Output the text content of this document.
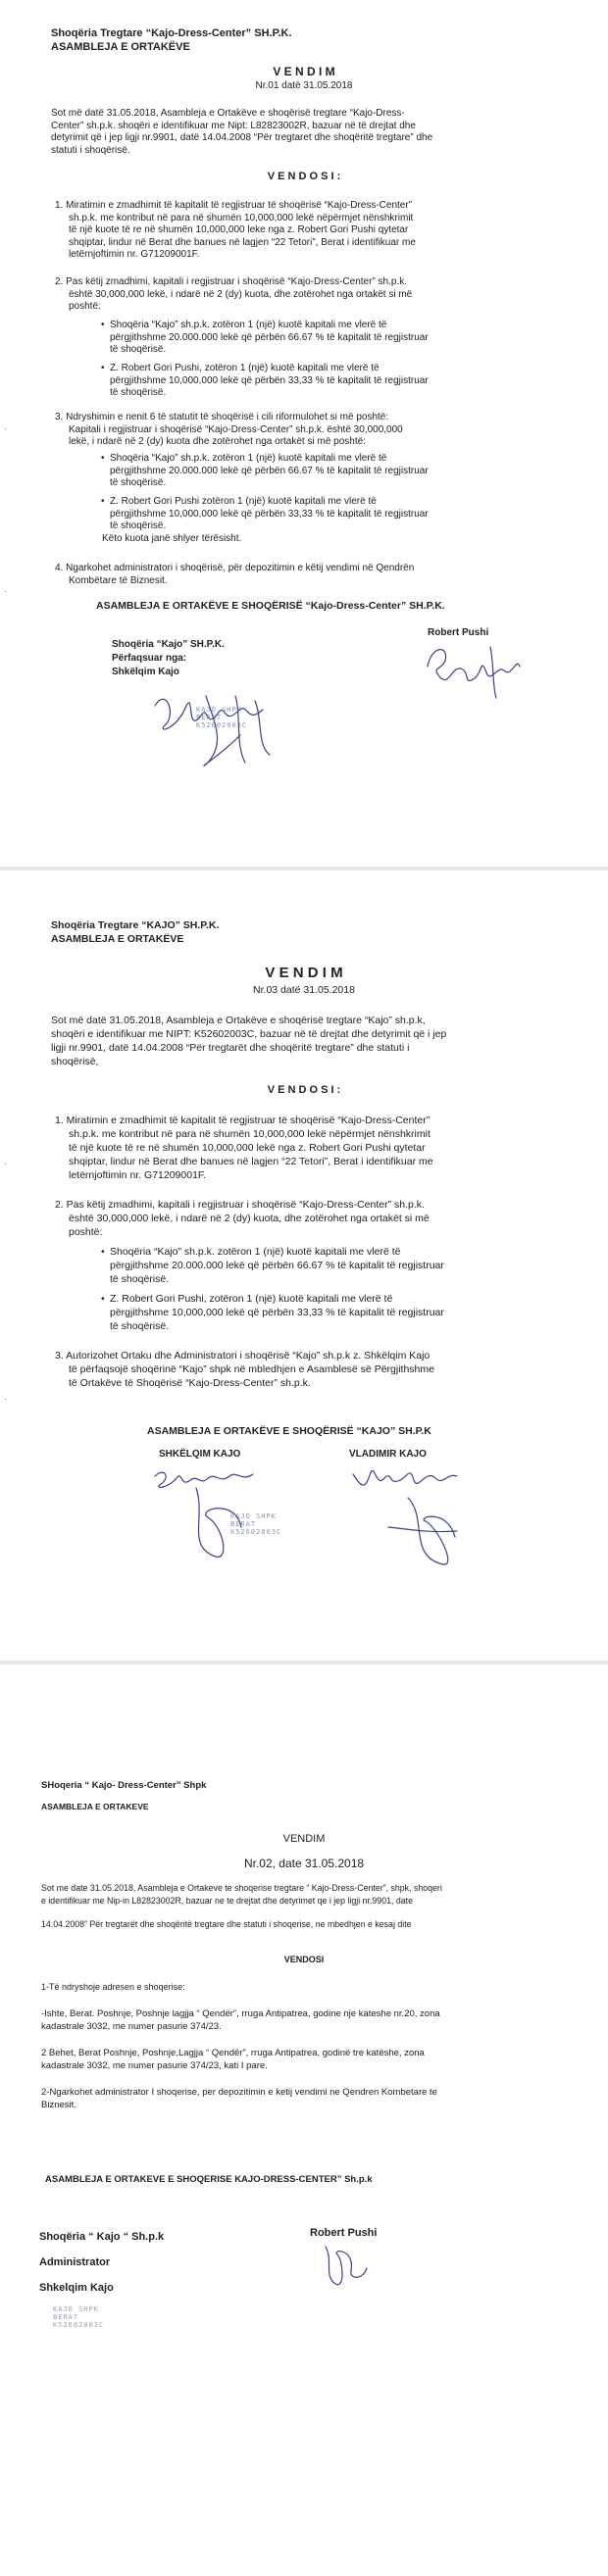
Shoqëria Tregtare “Kajo-Dress-Center” SH.P.K.
ASAMBLEJA E ORTAKËVE
V E N D I M
Nr.01 datë 31.05.2018
Sot më datë 31.05.2018, Asambleja e Ortakëve e shoqërisë tregtare “Kajo-Dress-
Center” sh.p.k. shoqëri e identifikuar me Nipt: L82823002R, bazuar në të drejtat dhe
detyrimit që i jep ligji nr.9901, datë 14.04.2008 “Për tregtaret dhe shoqëritë tregtare” dhe
statuti i shoqërisë.
V E N D O S I :
1. Miratimin e zmadhimit të kapitalit të regjistruar të shoqërisë “Kajo-Dress-Center”
sh.p.k. me kontribut në para në shumën 10,000,000 lekë nëpërmjet nënshkrimit
të një kuote të re në shumën 10,000,000 leke nga z. Robert Gori Pushi qytetar
shqiptar, lindur në Berat dhe banues në lagjen “22 Tetori”, Berat i identifikuar me
letërnjoftimin nr. G71209001F.
2. Pas këtij zmadhimi, kapitali i regjistruar i shoqërisë “Kajo-Dress-Center” sh.p.k.
është 30,000,000 lekë, i ndarë në 2 (dy) kuota, dhe zotërohet nga ortakët si më
poshtë:
• Shoqëria “Kajo” sh.p.k. zotëron 1 (një) kuotë kapitali me vlerë të
përgjithshme 20.000.000 lekë që përbën 66.67 % të kapitalit të regjistruar
të shoqërisë.
• Z. Robert Gori Pushi, zotëron 1 (një) kuotë kapitali me vlerë të
përgjithshme 10,000,000 lekë që përbën 33,33 % të kapitalit të regjistruar
të shoqërisë.
3. Ndryshimin e nenit 6 të statutit të shoqërisë i cili riformulohet si më poshtë:
Kapitali i regjistruar i shoqërisë “Kajo-Dress-Center” sh.p.k. është 30,000,000
lekë, i ndarë në 2 (dy) kuota dhe zotërohet nga ortakët si më poshtë:
• Shoqëria “Kajo” sh.p.k. zotëron 1 (një) kuotë kapitali me vlerë të
përgjithshme 20.000.000 lekë që përbën 66.67 % të kapitalit të regjistruar
të shoqërisë.
• Z. Robert Gori Pushi zotëron 1 (një) kuotë kapitali me vlerë të
përgjithshme 10,000,000 lekë që përbën 33,33 % të kapitalit të regjistruar
të shoqërisë.
Këto kuota janë shlyer tërësisht.
4. Ngarkohet administratori i shoqërisë, për depozitimin e këtij vendimi në Qendrën
Kombëtare të Biznesit.
ASAMBLEJA E ORTAKËVE E SHOQËRISË “Kajo-Dress-Center” SH.P.K.
Shoqëria “Kajo” SH.P.K.
Përfaqsuar nga:
Shkëlqim Kajo
Robert Pushi
KAJO SHPK BERAT K52602003C
Shoqëria Tregtare “KAJO” SH.P.K.
ASAMBLEJA E ORTAKËVE
V E N D I M
Nr.03 datë 31.05.2018
Sot më datë 31.05.2018, Asambleja e Ortakëve e shoqërisë tregtare “Kajo” sh.p.k,
shoqëri e identifikuar me NIPT: K52602003C, bazuar në të drejtat dhe detyrimit që i jep
ligji nr.9901, datë 14.04.2008 “Për tregtarët dhe shoqëritë tregtare” dhe statuti i
shoqërisë,
V E N D O S I :
1. Miratimin e zmadhimit të kapitalit të regjistruar të shoqërisë “Kajo-Dress-Center”
sh.p.k. me kontribut në para në shumën 10,000,000 lekë nëpërmjet nënshkrimit
të një kuote të re në shumën 10,000,000 lekë nga z. Robert Gori Pushi qytetar
shqiptar, lindur në Berat dhe banues në lagjen “22 Tetori”, Berat i identifikuar me
letërnjoftimin nr. G71209001F.
2. Pas këtij zmadhimi, kapitali i regjistruar i shoqërisë “Kajo-Dress-Center” sh.p.k.
është 30,000,000 lekë, i ndarë në 2 (dy) kuota, dhe zotërohet nga ortakët si më
poshtë:
• Shoqëria “Kajo” sh.p.k. zotëron 1 (një) kuotë kapitali me vlerë të
përgjithshme 20.000.000 lekë që përbën 66.67 % të kapitalit të regjistruar
të shoqërisë.
• Z. Robert Gori Pushi, zotëron 1 (një) kuotë kapitali me vlerë të
përgjithshme 10,000,000 lekë që përbën 33,33 % të kapitalit të regjistruar
të shoqërisë.
3. Autorizohet Ortaku dhe Administratori i shoqërisë “Kajo” sh.p.k z. Shkëlqim Kajo
të përfaqsojë shoqërinë “Kajo” shpk në mbledhjen e Asamblesë së Përgjithshme
të Ortakëve të Shoqërisë “Kajo-Dress-Center” sh.p.k.
ASAMBLEJA E ORTAKËVE E SHOQËRISË “KAJO” SH.P.K
SHKËLQIM KAJO	VLADIMIR KAJO
KAJO SHPK BERAT K52602003C
SHoqeria “ Kajo- Dress-Center” Shpk
ASAMBLEJA E ORTAKEVE
VENDIM
Nr.02, date 31.05.2018
Sot me date 31.05.2018, Asambleja e Ortakeve te shoqerise tregtare “ Kajo-Dress-Center”, shpk, shoqeri
e identifikuar me Nip-in L82823002R, bazuar ne te drejtat dhe detyrimet qe i jep ligji nr.9901, date
14.04.2008” Për tregtarët dhe shoqëritë tregtare dhe statuti i shoqerise, ne mbedhjen e kesaj dite
VENDOSI
1-Të ndryshoje adresen e shoqerise:
-Ishte, Berat. Poshnje, Poshnje lagjja “ Qendër”, rruga Antipatrea, godine nje kateshe nr.20, zona
kadastrale 3032, me numer pasurie 374/23.
2 Behet, Berat Poshnje, Poshnje,Lagjja “ Qendër”, rruga Antipatrea, godinë tre katëshe, zona
kadastrale 3032, me numer pasurie 374/23, kati I pare.
2-Ngarkohet administrator I shoqerise, per depozitimin e ketij vendimi ne Qendren Kombetare te
Biznesit.
ASAMBLEJA E ORTAKEVE E SHOQERISE KAJO-DRESS-CENTER” Sh.p.k
Shoqëria “ Kajo “ Sh.p.k
Administrator
Shkelqim Kajo
Robert Pushi
KAJO SHPK BERAT K52602003C
·
·
·
·
